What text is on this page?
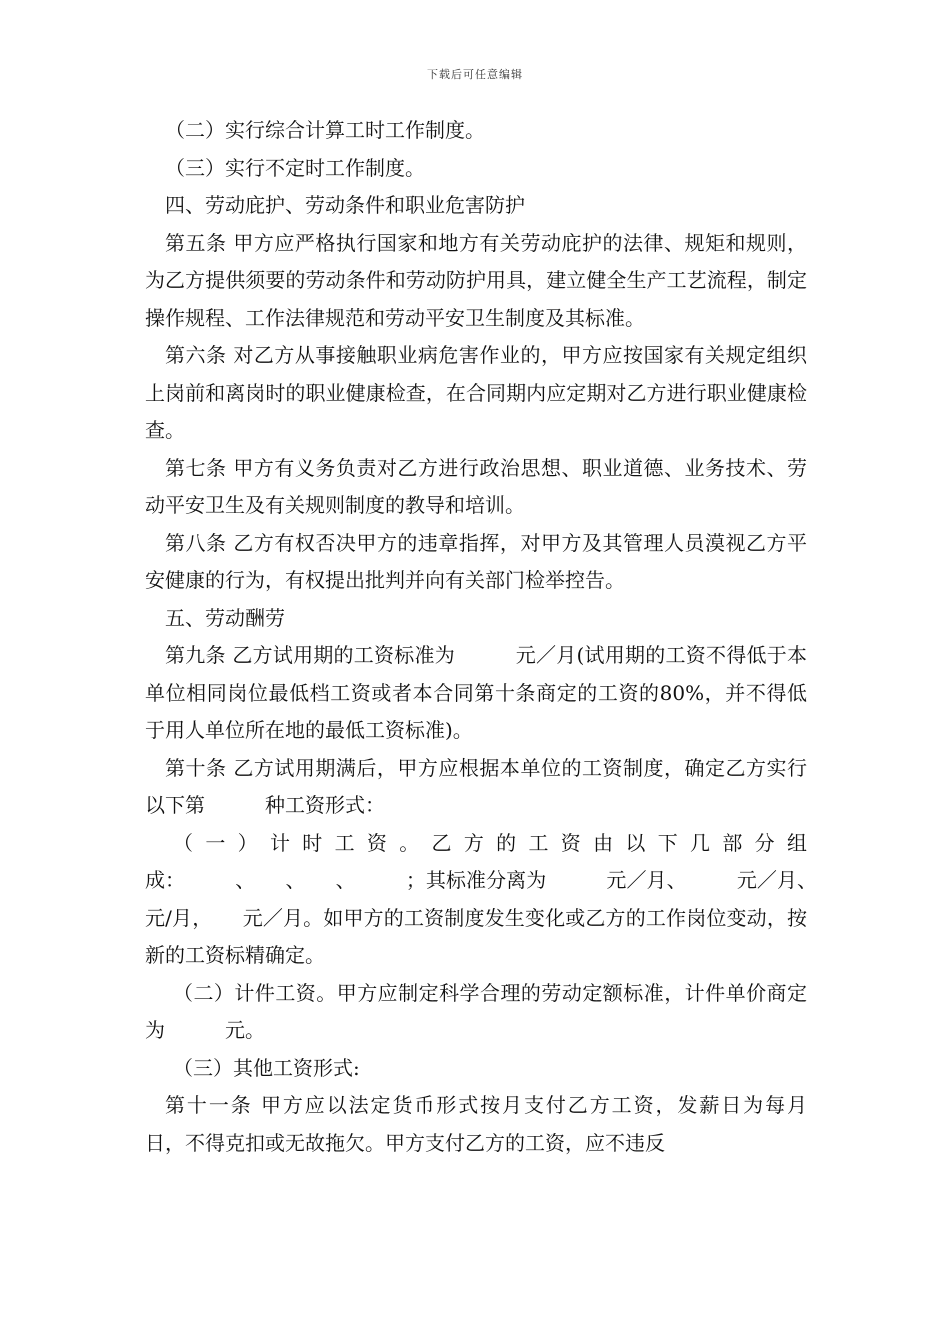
下载后可任意编辑

（二）实行综合计算工时工作制度。

（三）实行不定时工作制度。

四、劳动庇护、劳动条件和职业危害防护

第五条 甲方应严格执行国家和地方有关劳动庇护的法律、规矩和规则，为乙方提供须要的劳动条件和劳动防护用具，建立健全生产工艺流程，制定操作规程、工作法律规范和劳动平安卫生制度及其标准。

第六条 对乙方从事接触职业病危害作业的，甲方应按国家有关规定组织上岗前和离岗时的职业健康检查，在合同期内应定期对乙方进行职业健康检查。

第七条 甲方有义务负责对乙方进行政治思想、职业道德、业务技术、劳动平安卫生及有关规则制度的教导和培训。

第八条 乙方有权否决甲方的违章指挥，对甲方及其管理人员漠视乙方平安健康的行为，有权提出批判并向有关部门检举控告。

五、劳动酬劳

第九条 乙方试用期的工资标准为　　　元／月(试用期的工资不得低于本单位相同岗位最低档工资或者本合同第十条商定的工资的80%，并不得低于用人单位所在地的最低工资标准)。

第十条 乙方试用期满后，甲方应根据本单位的工资制度，确定乙方实行以下第　　　种工资形式：

（一）计时工资。乙方的工资由以下几部分组成：　　　、　　、　　、　　　；其标准分离为　　　元／月、　　　元／月、　　　元/月，　　元／月。如甲方的工资制度发生变化或乙方的工作岗位变动，按新的工资标精确定。

（二）计件工资。甲方应制定科学合理的劳动定额标准，计件单价商定为　　　元。

（三）其他工资形式:

第十一条 甲方应以法定货币形式按月支付乙方工资，发薪日为每月　　　日，不得克扣或无故拖欠。甲方支付乙方的工资，应不违反
